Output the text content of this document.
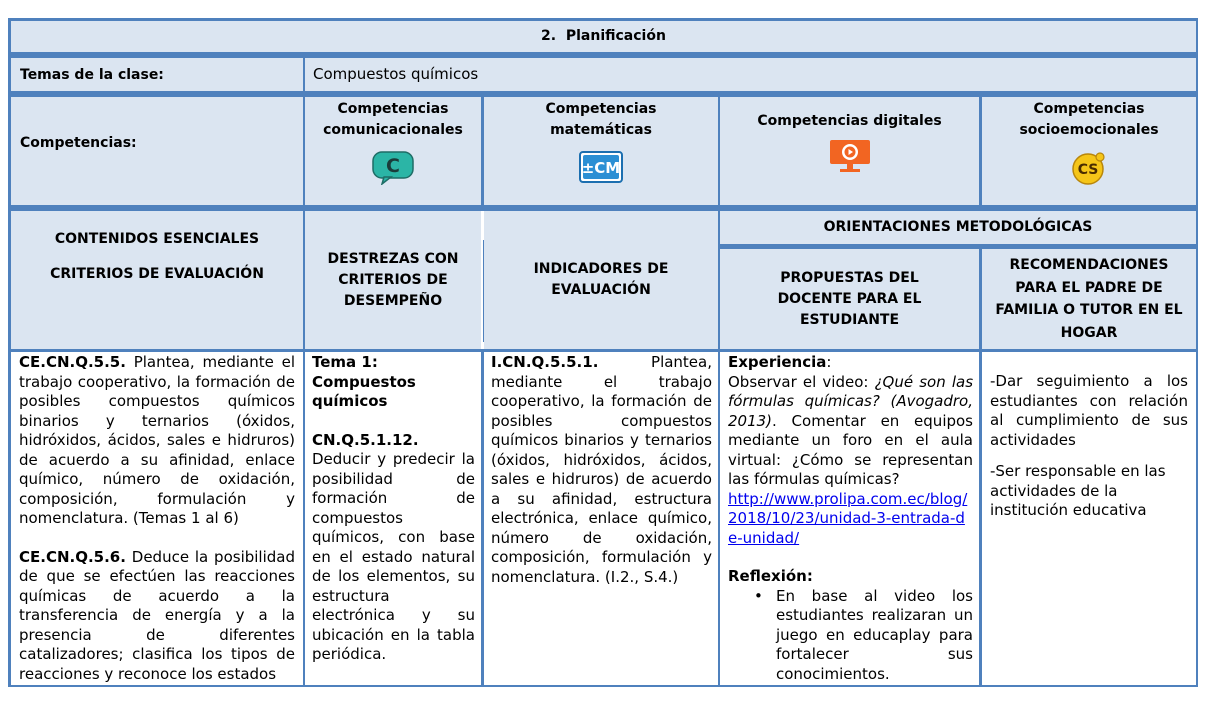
2.
Planificación
Temas de la clase:	Compuestos químicos
Competencias:
Competencias comunicacionales
C
Competencias matemáticas
±CM
Competencias digitales
Competencias socioemocionales
CS
CONTENIDOS ESENCIALES
CRITERIOS DE EVALUACIÓN
DESTREZAS CON CRITERIOS DE DESEMPEÑO
INDICADORES DE EVALUACIÓN
ORIENTACIONES METODOLÓGICAS
PROPUESTAS DEL DOCENTE PARA EL ESTUDIANTE
RECOMENDACIONES PARA EL PADRE DE FAMILIA O TUTOR EN EL HOGAR

CE.CN.Q.5.5. Plantea, mediante el trabajo cooperativo, la formación de posibles compuestos químicos binarios y ternarios (óxidos, hidróxidos, ácidos, sales e hidruros) de acuerdo a su afinidad, enlace químico, número de oxidación, composición, formulación y nomenclatura. (Temas 1 al 6)

CE.CN.Q.5.6. Deduce la posibilidad de que se efectúen las reacciones químicas de acuerdo a la transferencia de energía y a la presencia de diferentes catalizadores; clasifica los tipos de reacciones y reconoce los estados

Tema 1: Compuestos químicos

CN.Q.5.1.12. Deducir y predecir la posibilidad de formación de compuestos químicos, con base en el estado natural de los elementos, su estructura electrónica y su ubicación en la tabla periódica.

I.CN.Q.5.5.1. Plantea, mediante el trabajo cooperativo, la formación de posibles compuestos químicos binarios y ternarios (óxidos, hidróxidos, ácidos, sales e hidruros) de acuerdo a su afinidad, estructura electrónica, enlace químico, número de oxidación, composición, formulación y nomenclatura. (I.2., S.4.)

Experiencia:

Observar el video: ¿Qué son las fórmulas químicas? (Avogadro, 2013). Comentar en equipos mediante un foro en el aula virtual: ¿Cómo se representan las fórmulas químicas?

http://www.prolipa.com.ec/blog/2018/10/23/unidad-3-entrada-de-unidad/

Reflexión:

• En base al video los estudiantes realizaran un juego en educaplay para fortalecer sus conocimientos.

-Dar seguimiento a los estudiantes con relación al cumplimiento de sus actividades

-Ser responsable en las actividades de la institución educativa
